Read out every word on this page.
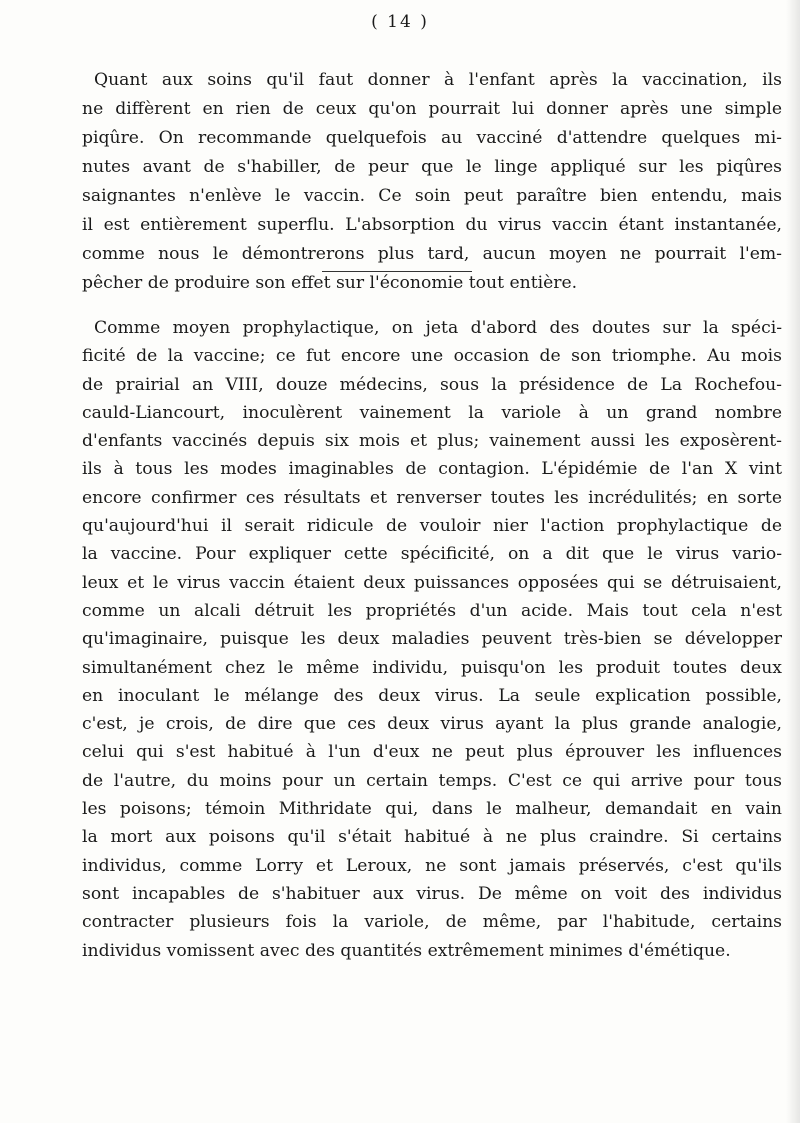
( 14 )
Quant aux soins qu'il faut donner à l'enfant après la vaccination, ils
ne diffèrent en rien de ceux qu'on pourrait lui donner après une simple
piqûre. On recommande quelquefois au vacciné d'attendre quelques mi-
nutes avant de s'habiller, de peur que le linge appliqué sur les piqûres
saignantes n'enlève le vaccin. Ce soin peut paraître bien entendu, mais
il est entièrement superflu. L'absorption du virus vaccin étant instantanée,
comme nous le démontrerons plus tard, aucun moyen ne pourrait l'em-
pêcher de produire son effet sur l'économie tout entière.
Comme moyen prophylactique, on jeta d'abord des doutes sur la spéci-
ficité de la vaccine; ce fut encore une occasion de son triomphe. Au mois
de prairial an VIII, douze médecins, sous la présidence de La Rochefou-
cauld-Liancourt, inoculèrent vainement la variole à un grand nombre
d'enfants vaccinés depuis six mois et plus; vainement aussi les exposèrent-
ils à tous les modes imaginables de contagion. L'épidémie de l'an X vint
encore confirmer ces résultats et renverser toutes les incrédulités; en sorte
qu'aujourd'hui il serait ridicule de vouloir nier l'action prophylactique de
la vaccine. Pour expliquer cette spécificité, on a dit que le virus vario-
leux et le virus vaccin étaient deux puissances opposées qui se détruisaient,
comme un alcali détruit les propriétés d'un acide. Mais tout cela n'est
qu'imaginaire, puisque les deux maladies peuvent très-bien se développer
simultanément chez le même individu, puisqu'on les produit toutes deux
en inoculant le mélange des deux virus. La seule explication possible,
c'est, je crois, de dire que ces deux virus ayant la plus grande analogie,
celui qui s'est habitué à l'un d'eux ne peut plus éprouver les influences
de l'autre, du moins pour un certain temps. C'est ce qui arrive pour tous
les poisons; témoin Mithridate qui, dans le malheur, demandait en vain
la mort aux poisons qu'il s'était habitué à ne plus craindre. Si certains
individus, comme Lorry et Leroux, ne sont jamais préservés, c'est qu'ils
sont incapables de s'habituer aux virus. De même on voit des individus
contracter plusieurs fois la variole, de même, par l'habitude, certains
individus vomissent avec des quantités extrêmement minimes d'émétique.
